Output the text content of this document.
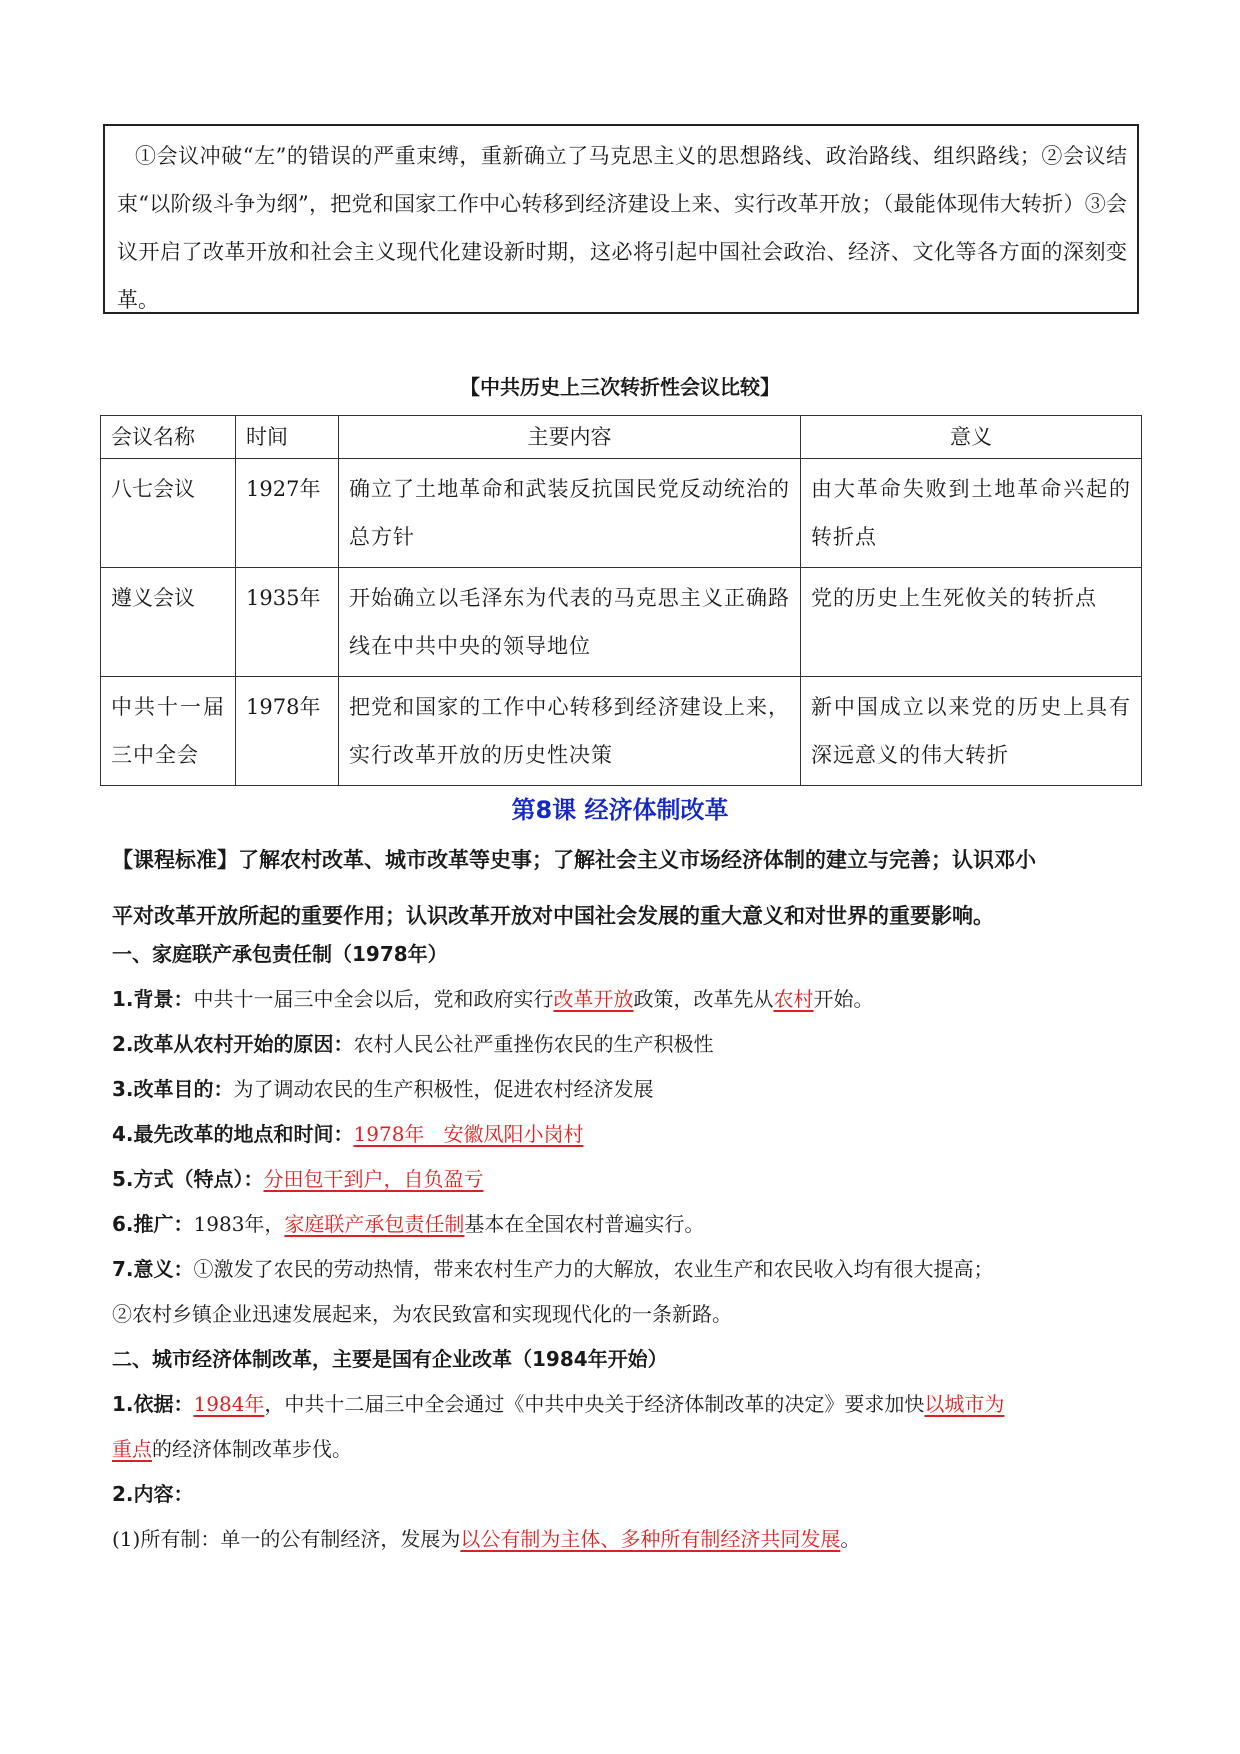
①会议冲破“左”的错误的严重束缚，重新确立了马克思主义的思想路线、政治路线、组织路线；②会议结束“以阶级斗争为纲”，把党和国家工作中心转移到经济建设上来、实行改革开放；（最能体现伟大转折）③会议开启了改革开放和社会主义现代化建设新时期，这必将引起中国社会政治、经济、文化等各方面的深刻变革。

【中共历史上三次转折性会议比较】
会议名称	时间	主要内容	意义
八七会议	1927年	确立了土地革命和武装反抗国民党反动统治的总方针	由大革命失败到土地革命兴起的转折点
遵义会议	1935年	开始确立以毛泽东为代表的马克思主义正确路线在中共中央的领导地位	党的历史上生死攸关的转折点
中共十一届三中全会	1978年	把党和国家的工作中心转移到经济建设上来，实行改革开放的历史性决策	新中国成立以来党的历史上具有深远意义的伟大转折
第8课 经济体制改革

【课程标准】了解农村改革、城市改革等史事；了解社会主义市场经济体制的建立与完善；认识邓小

平对改革开放所起的重要作用；认识改革开放对中国社会发展的重大意义和对世界的重要影响。

一、家庭联产承包责任制（1978年）

1.背景：中共十一届三中全会以后，党和政府实行改革开放政策，改革先从农村开始。

2.改革从农村开始的原因：农村人民公社严重挫伤农民的生产积极性

3.改革目的：为了调动农民的生产积极性，促进农村经济发展

4.最先改革的地点和时间：1978年   安徽凤阳小岗村

5.方式（特点）：分田包干到户，自负盈亏

6.推广：1983年，家庭联产承包责任制基本在全国农村普遍实行。

7.意义：①激发了农民的劳动热情，带来农村生产力的大解放，农业生产和农民收入均有很大提高；

②农村乡镇企业迅速发展起来，为农民致富和实现现代化的一条新路。

二、城市经济体制改革，主要是国有企业改革（1984年开始）

1.依据：1984年，中共十二届三中全会通过《中共中央关于经济体制改革的决定》要求加快以城市为

重点的经济体制改革步伐。

2.内容：

(1)所有制：单一的公有制经济，发展为以公有制为主体、多种所有制经济共同发展。
